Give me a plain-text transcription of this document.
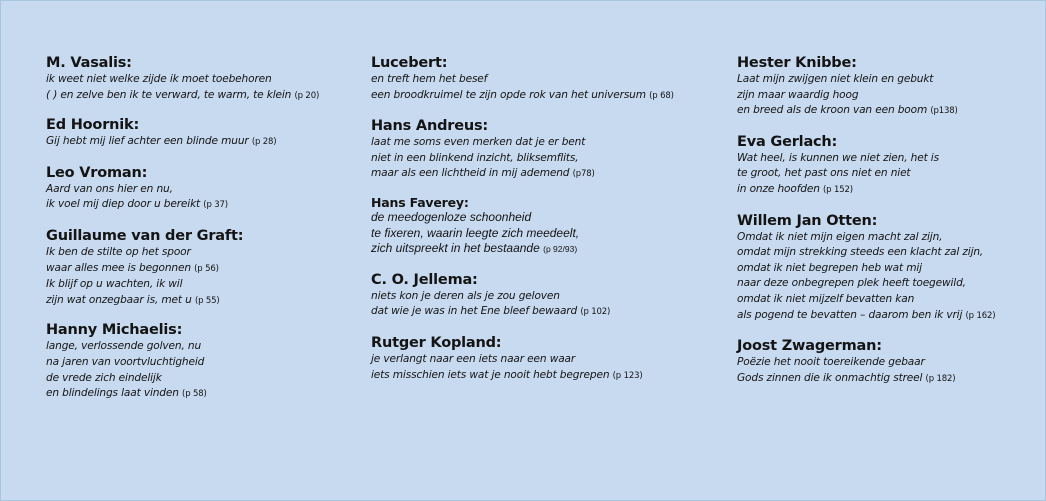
M. Vasalis:
ik weet niet welke zijde ik moet toebehoren
( ) en zelve ben ik te verward, te warm, te klein (p 20)
Ed Hoornik:
Gij hebt mij lief achter een blinde muur (p 28)
Leo Vroman:
Aard van ons hier en nu,
ik voel mij diep door u bereikt (p 37)
Guillaume van der Graft:
Ik ben de stilte op het spoor
waar alles mee is begonnen (p 56)
Ik blijf op u wachten, ik wil
zijn wat onzegbaar is, met u (p 55)
Hanny Michaelis:
lange, verlossende golven, nu
na jaren van voortvluchtigheid
de vrede zich eindelijk
en blindelings laat vinden (p 58)
Lucebert:
en treft hem het besef
een broodkruimel te zijn opde rok van het universum (p 68)
Hans Andreus:
laat me soms even merken dat je er bent
niet in een blinkend inzicht, bliksemflits,
maar als een lichtheid in mij ademend (p78)
Hans Faverey:
de meedogenloze schoonheid
te fixeren, waarin leegte zich meedeelt,
zich uitspreekt in het bestaande (p 92/93)
C. O. Jellema:
niets kon je deren als je zou geloven
dat wie je was in het Ene bleef bewaard (p 102)
Rutger Kopland:
je verlangt naar een iets naar een waar
iets misschien iets wat je nooit hebt begrepen (p 123)
Hester Knibbe:
Laat mijn zwijgen niet klein en gebukt
zijn maar waardig hoog
en breed als de kroon van een boom (p138)
Eva Gerlach:
Wat heel, is kunnen we niet zien, het is
te groot, het past ons niet en niet
in onze hoofden (p 152)
Willem Jan Otten:
Omdat ik niet mijn eigen macht zal zijn,
omdat mijn strekking steeds een klacht zal zijn,
omdat ik niet begrepen heb wat mij
naar deze onbegrepen plek heeft toegewild,
omdat ik niet mijzelf bevatten kan
als pogend te bevatten – daarom ben ik vrij (p 162)
Joost Zwagerman:
Poëzie het nooit toereikende gebaar
Gods zinnen die ik onmachtig streel (p 182)
